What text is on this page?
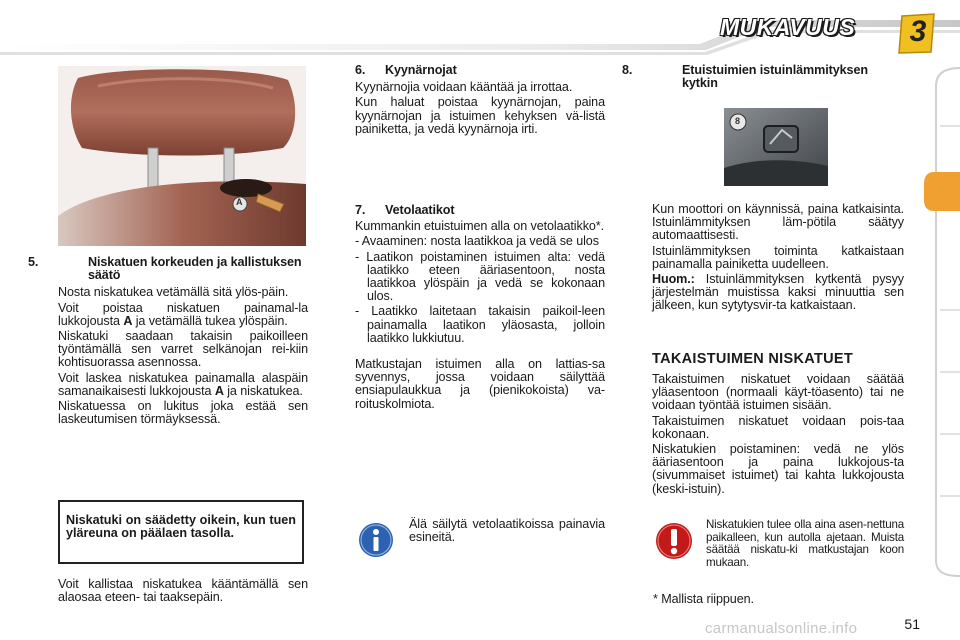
MUKAVUUS 3
A

5.	Niskatuen korkeuden ja kallistuksen säätö

Nosta niskatukea vetämällä sitä ylös-päin.

Voit poistaa niskatuen painamal-la lukkojousta A ja vetämällä tukea ylöspäin.

Niskatuki saadaan takaisin paikoilleen työntämällä sen varret selkänojan rei-kiin kohtisuorassa asennossa.

Voit laskea niskatukea painamalla alaspäin samanaikaisesti lukkojousta A ja niskatukea.

Niskatuessa on lukitus joka estää sen laskeutumisen törmäyksessä.

Niskatuki on säädetty oikein, kun tuen yläreuna on päälaen tasolla.
Voit kallistaa niskatukea kääntämällä sen alaosaa eteen- tai taaksepäin.

6. Kyynärnojat

Kyynärnojia voidaan kääntää ja irrottaa.

Kun haluat poistaa kyynärnojan, paina kyynärnojan ja istuimen kehyksen vä-listä painiketta, ja vedä kyynärnoja irti.

7. Vetolaatikot

Kummankin etuistuimen alla on vetolaatikko*.

- Avaaminen: nosta laatikkoa ja vedä se ulos

- Laatikon poistaminen istuimen alta: vedä laatikko eteen ääriasentoon, nosta laatikkoa ylöspäin ja vedä se kokonaan ulos.

- Laatikko laitetaan takaisin paikoil-leen painamalla laatikon yläosasta, jolloin laatikko lukkiutuu.

Matkustajan istuimen alla on lattias-sa syvennys, jossa voidaan säilyttää ensiapulaukkua ja (pienikokoista) va-roituskolmiota.

Älä säilytä vetolaatikoissa painavia esineitä.

8.	Etuistuimien istuinlämmityksen kytkin

8

Kun moottori on käynnissä, paina katkaisinta. Istuinlämmityksen läm-pötila säätyy automaattisesti.

Istuinlämmityksen toiminta katkaistaan painamalla painiketta uudelleen.

Huom.: Istuinlämmityksen kytkentä pysyy järjestelmän muistissa kaksi minuuttia sen jälkeen, kun sytytysvir-ta katkaistaan.

TAKAISTUIMEN NISKATUET

Takaistuimen niskatuet voidaan säätää yläasentoon (normaali käyt-töasento) tai ne voidaan työntää istuimen sisään.

Takaistuimen niskatuet voidaan pois-taa kokonaan.

Niskatukien poistaminen: vedä ne ylös ääriasentoon ja paina lukkojous-ta (sivummaiset istuimet) tai kahta lukkojousta (keski-istuin).

Niskatukien tulee olla aina asen-nettuna paikalleen, kun autolla ajetaan. Muista säätää niskatu-ki matkustajan koon mukaan.
* Mallista riippuen.
51
carmanualsonline.info
